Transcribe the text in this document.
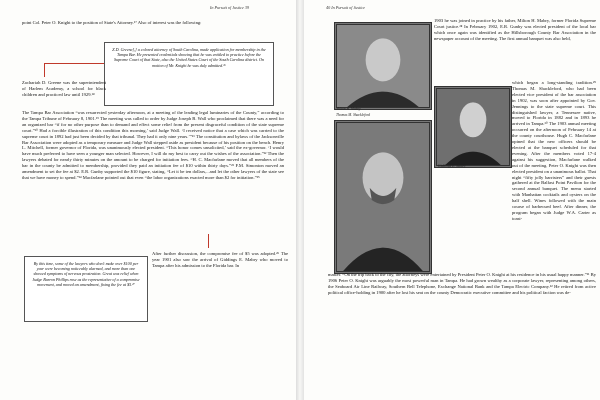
In Pursuit of Justice 39

point Col. Peter O. Knight to the position of State's Attorney.¹⁷ Also of interest was the following:

Z.D. Greene[,] a colored attorney of South Carolina, made application for membership in the Tampa Bar. He presented credentials showing that he was entitled to practice before the Supreme Court of that State, also the United States Court of the South Carolina district. On motion of Mr. Knight he was duly admitted.¹⁶

Zachariah D. Greene was the superintendent of Harlem Academy, a school for black children and practiced law until 1929.¹⁸

The Tampa Bar Association “was resurrected yesterday afternoon, at a meeting of the leading legal luminaries of the County,” according to the Tampa Tribune of February 8, 1901.¹⁹ The meeting was called to order by Judge Joseph B. Wall who proclaimed that there was a need for an organized bar “if for no other purpose than to demand and effect some relief from the present disgraceful condition of the state supreme court.”²⁰ Had a forcible illustration of this condition this morning,’ said Judge Wall. ‘I received notice that a case which was carried to the supreme court in 1892 had just been decided by that tribunal. They had it only nine years.’”²¹ The constitution and bylaws of the Jacksonville Bar Association were adopted as a temporary measure and Judge Wall stepped aside as president because of his position on the bench. Henry L. Mitchell, former governor of Florida, was unanimously elected president. “This honor comes unsolicited,’ said the ex-governor. ‘I would have much preferred to have seen a younger man selected. However, I will do my best to carry out the wishes of the association.”²² Then the lawyers debated for nearly thirty minutes on the amount to be charged for initiation fees. “H. C. Macfarlane moved that all members of the bar in the county be admitted to membership, provided they paid an initiation fee of $10 within thirty days.”²³ F.M. Simonton moved an amendment to set the fee at $2. E.R. Gunby supported the $10 figure, stating, “Let it be ten dollars,...and let the other lawyers of the state see that we have money to spend.”²⁴ Macfarlane pointed out that even “the labor organizations exacted more than $2 for initiation.”²⁵

By this time, some of the lawyers who don't make over $100 per year were becoming noticeably alarmed, and more than one showed symptoms of nervous prostration. Great was relief when Judge Barron Phillips rose as the representative of a compromise movement, and moved an amendment, fixing the fee at $5.²⁷

After further discussion, the compromise fee of $5 was adopted.²⁶ The year 1901 also saw the arrival of Giddings E. Mabry who moved to Tampa after his admission to the Florida bar. In

40 In Pursuit of Justice

1903 he was joined in practice by his father, Milton H. Mabry, former Florida Supreme Court justice.²⁸ In February 1902, E.R. Gunby was elected president of the local bar which once again was identified as the Hillsborough County Bar Association in the newspaper account of the meeting. The first annual banquet was also held,

which began a long-standing tradition.²⁹ Thomas M. Shackleford, who had been elected vice president of the bar association in 1902, was soon after appointed by Gov. Jennings to the state supreme court. This distinguished lawyer, a Tennessee native, moved to Florida in 1882 and in 1893 he arrived in Tampa.³⁰ The 1903 annual meeting occurred on the afternoon of February 14 at the county courthouse. Hugh C. Macfarlane opined that the new officers should be elected at the banquet scheduled for that evening. After the members voted 17-4 against his suggestion, Macfarlane walked out of the meeting. Peter O. Knight was then elected president on a unanimous ballot. That night “fifty jolly barristers” and their guests gathered at the Balfast Point Pavilion for the second annual banquet. The menu started with Manhattan cocktails and oysters on the half shell. Wines followed with the main course of barbecued beef. After dinner, the program began with Judge W.A. Carter as toast-

Milton H. Mabry
Giddings E. Mabry
Thomas M. Shackleford

master. “On the trip back to the city, the attorneys were entertained by President Peter O. Knight at his residence in his usual happy manner.”³¹ By 1906 Peter O. Knight was arguably the most powerful man in Tampa. He had grown wealthy as a corporate lawyer, representing among others, the Seaboard Air Line Railway, Southern Bell Telephone, Exchange National Bank and the Tampa Electric Company.³² He retired from active political office-holding in 1900 after he lost his seat on the county Democratic executive committee and his political faction was de-
